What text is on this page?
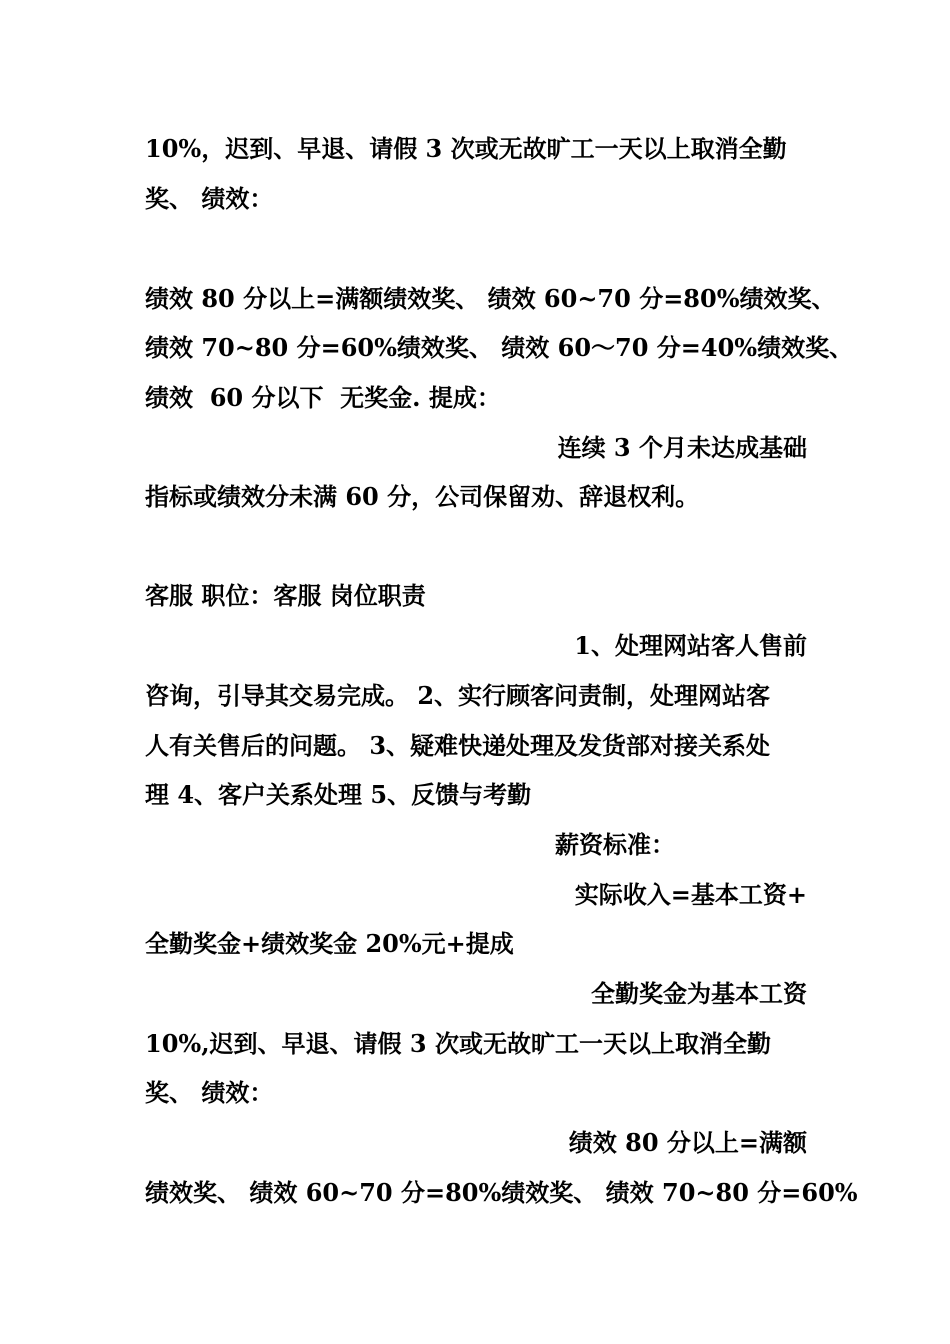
10%，迟到、早退、请假 3 次或无故旷工一天以上取消全勤
奖、 绩效：
绩效 80 分以上=满额绩效奖、 绩效 60~70 分=80%绩效奖、
绩效 70~80 分=60%绩效奖、 绩效 60～70 分=40%绩效奖、
绩效  60 分以下  无奖金. 提成：
连续 3 个月未达成基础
指标或绩效分未满 60 分，公司保留劝、辞退权利。
客服 职位：客服 岗位职责
1、处理网站客人售前
咨询，引导其交易完成。 2、实行顾客问责制，处理网站客
人有关售后的问题。 3、疑难快递处理及发货部对接关系处
理 4、客户关系处理 5、反馈与考勤
薪资标准：
实际收入=基本工资+
全勤奖金+绩效奖金 20%元+提成
全勤奖金为基本工资
10%,迟到、早退、请假 3 次或无故旷工一天以上取消全勤
奖、 绩效：
绩效 80 分以上=满额
绩效奖、 绩效 60~70 分=80%绩效奖、 绩效 70~80 分=60%
